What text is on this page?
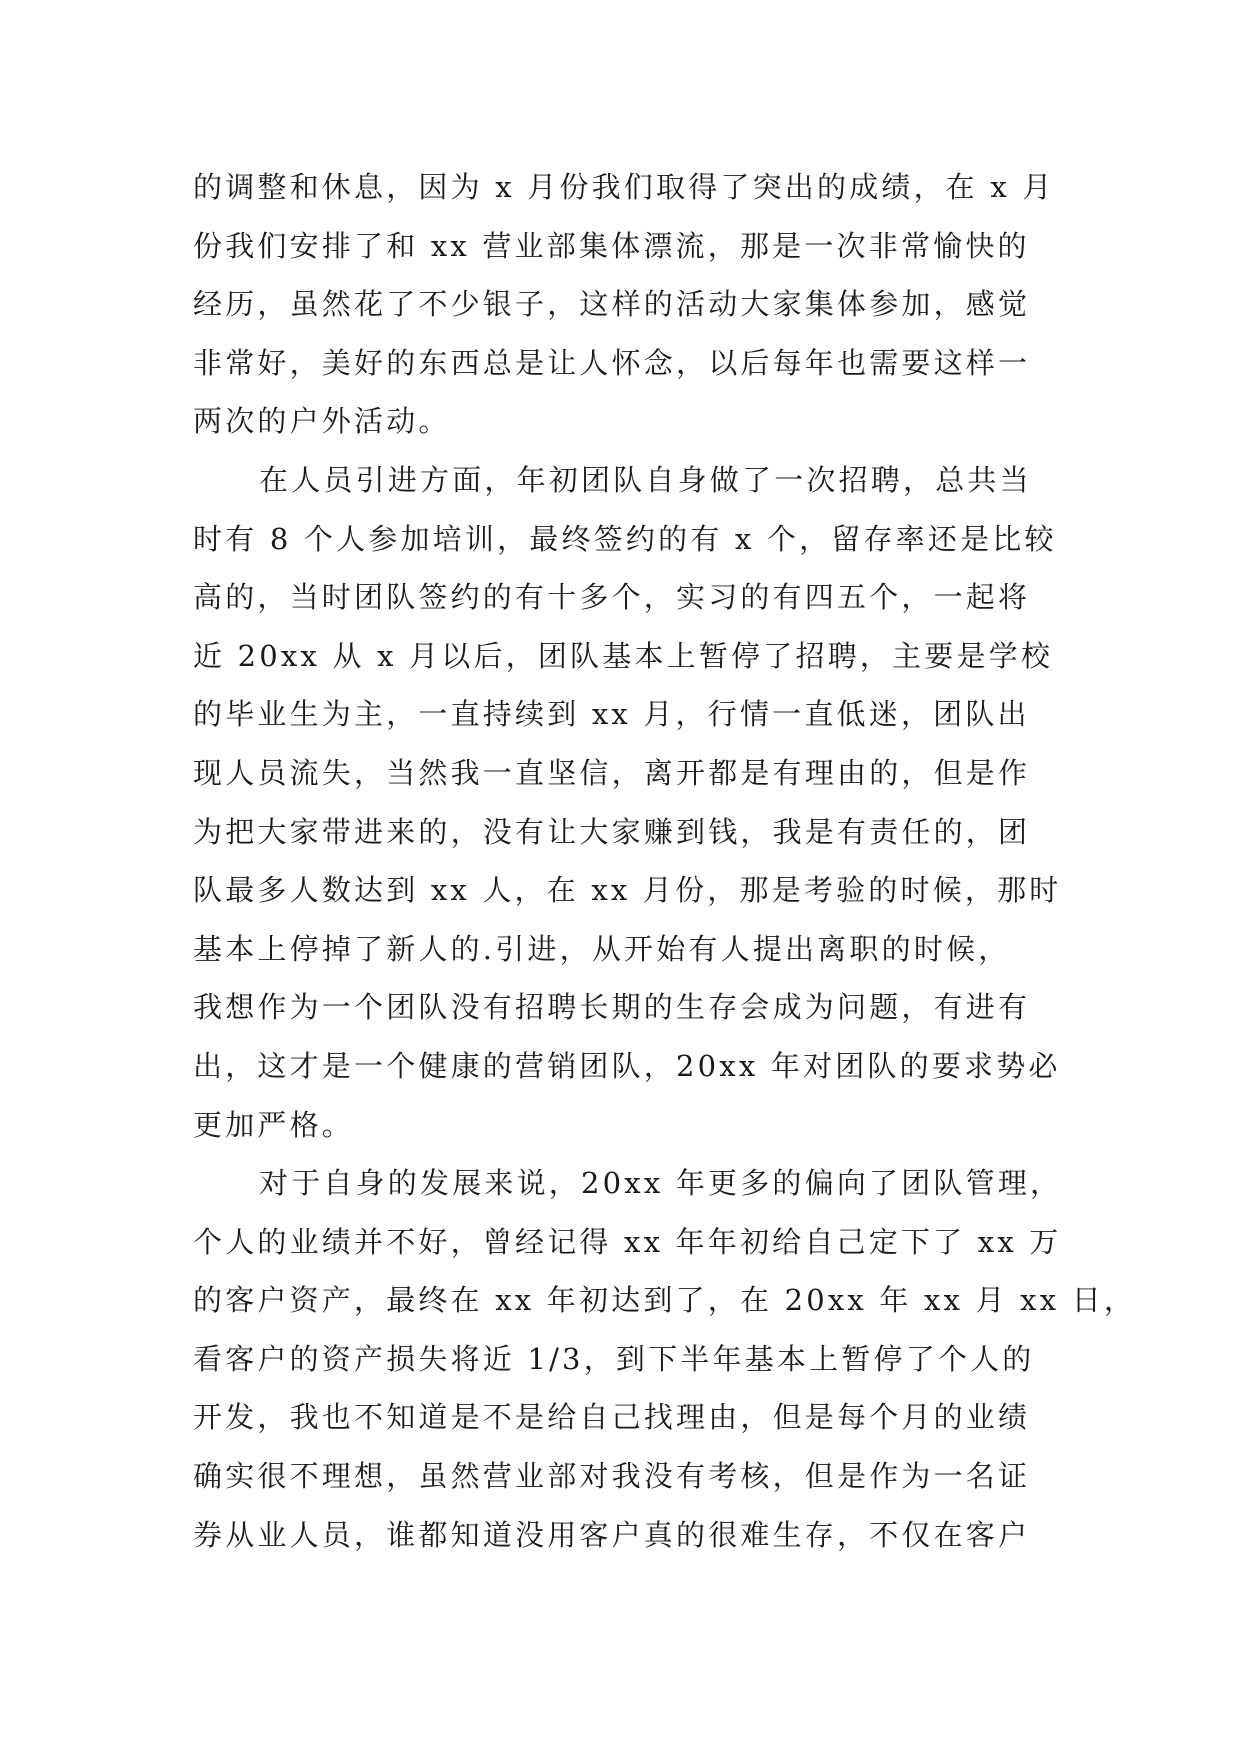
的调整和休息，因为 x 月份我们取得了突出的成绩，在 x 月
份我们安排了和 xx 营业部集体漂流，那是一次非常愉快的
经历，虽然花了不少银子，这样的活动大家集体参加，感觉
非常好，美好的东西总是让人怀念，以后每年也需要这样一
两次的户外活动。
在人员引进方面，年初团队自身做了一次招聘，总共当
时有 8 个人参加培训，最终签约的有 x 个，留存率还是比较
高的，当时团队签约的有十多个，实习的有四五个，一起将
近 20xx 从 x 月以后，团队基本上暂停了招聘，主要是学校
的毕业生为主，一直持续到 xx 月，行情一直低迷，团队出
现人员流失，当然我一直坚信，离开都是有理由的，但是作
为把大家带进来的，没有让大家赚到钱，我是有责任的，团
队最多人数达到 xx 人，在 xx 月份，那是考验的时候，那时
基本上停掉了新人的.引进，从开始有人提出离职的时候，
我想作为一个团队没有招聘长期的生存会成为问题，有进有
出，这才是一个健康的营销团队，20xx 年对团队的要求势必
更加严格。
对于自身的发展来说，20xx 年更多的偏向了团队管理，
个人的业绩并不好，曾经记得 xx 年年初给自己定下了 xx 万
的客户资产，最终在 xx 年初达到了，在 20xx 年 xx 月 xx 日，
看客户的资产损失将近 1/3，到下半年基本上暂停了个人的
开发，我也不知道是不是给自己找理由，但是每个月的业绩
确实很不理想，虽然营业部对我没有考核，但是作为一名证
券从业人员，谁都知道没用客户真的很难生存，不仅在客户
